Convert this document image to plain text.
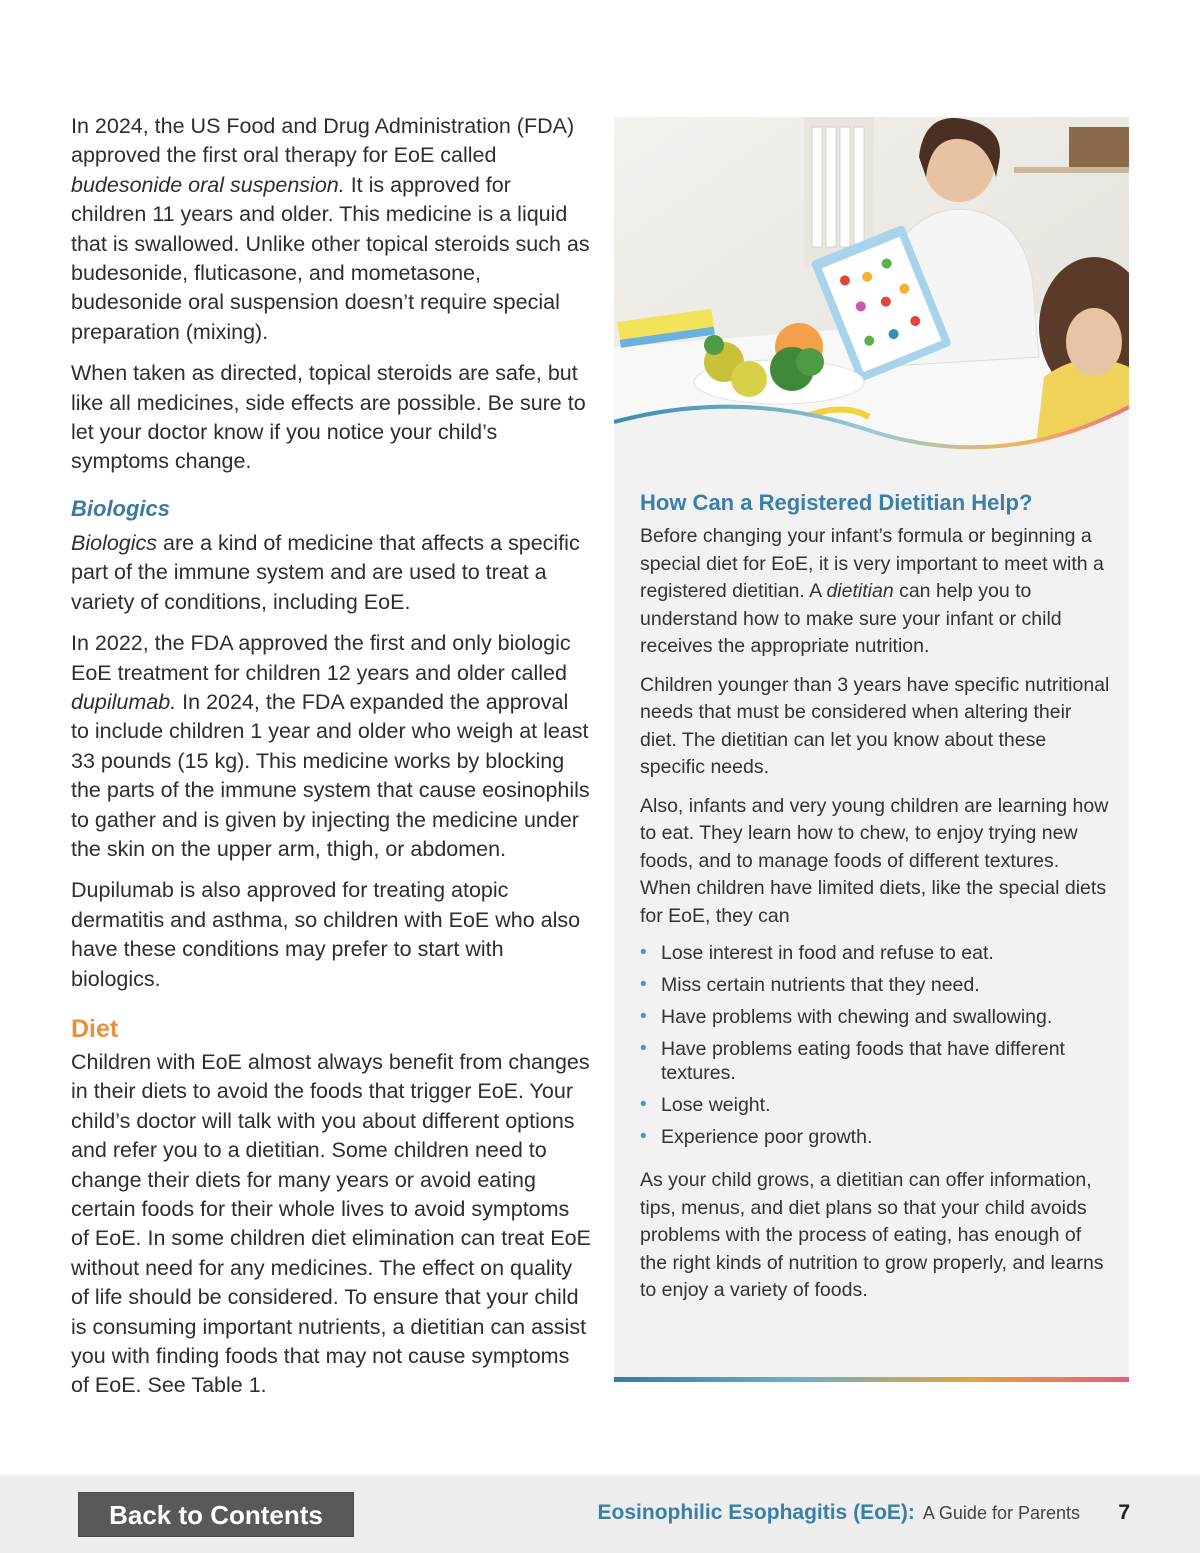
In 2024, the US Food and Drug Administration (FDA) approved the first oral therapy for EoE called budesonide oral suspension. It is approved for children 11 years and older. This medicine is a liquid that is swallowed. Unlike other topical steroids such as budesonide, fluticasone, and mometasone, budesonide oral suspension doesn’t require special preparation (mixing).

When taken as directed, topical steroids are safe, but like all medicines, side effects are possible. Be sure to let your doctor know if you notice your child’s symptoms change.

Biologics

Biologics are a kind of medicine that affects a specific part of the immune system and are used to treat a variety of conditions, including EoE.

In 2022, the FDA approved the first and only biologic EoE treatment for children 12 years and older called dupilumab. In 2024, the FDA expanded the approval to include children 1 year and older who weigh at least 33 pounds (15 kg). This medicine works by blocking the parts of the immune system that cause eosinophils to gather and is given by injecting the medicine under the skin on the upper arm, thigh, or abdomen.

Dupilumab is also approved for treating atopic dermatitis and asthma, so children with EoE who also have these conditions may prefer to start with biologics.

Diet

Children with EoE almost always benefit from changes in their diets to avoid the foods that trigger EoE. Your child’s doctor will talk with you about different options and refer you to a dietitian. Some children need to change their diets for many years or avoid eating certain foods for their whole lives to avoid symptoms of EoE. In some children diet elimination can treat EoE without need for any medicines. The effect on quality of life should be considered. To ensure that your child is consuming important nutrients, a dietitian can assist you with finding foods that may not cause symptoms of EoE. See Table 1.

How Can a Registered Dietitian Help?

Before changing your infant’s formula or beginning a special diet for EoE, it is very important to meet with a registered dietitian. A dietitian can help you to understand how to make sure your infant or child receives the appropriate nutrition.

Children younger than 3 years have specific nutritional needs that must be considered when altering their diet. The dietitian can let you know about these specific needs.

Also, infants and very young children are learning how to eat. They learn how to chew, to enjoy trying new foods, and to manage foods of different textures. When children have limited diets, like the special diets for EoE, they can

• Lose interest in food and refuse to eat.
• Miss certain nutrients that they need.
• Have problems with chewing and swallowing.
• Have problems eating foods that have different textures.
• Lose weight.
• Experience poor growth.

As your child grows, a dietitian can offer information, tips, menus, and diet plans so that your child avoids problems with the process of eating, has enough of the right kinds of nutrition to grow properly, and learns to enjoy a variety of foods.

Back to Contents	Eosinophilic Esophagitis (EoE): A Guide for Parents 7
